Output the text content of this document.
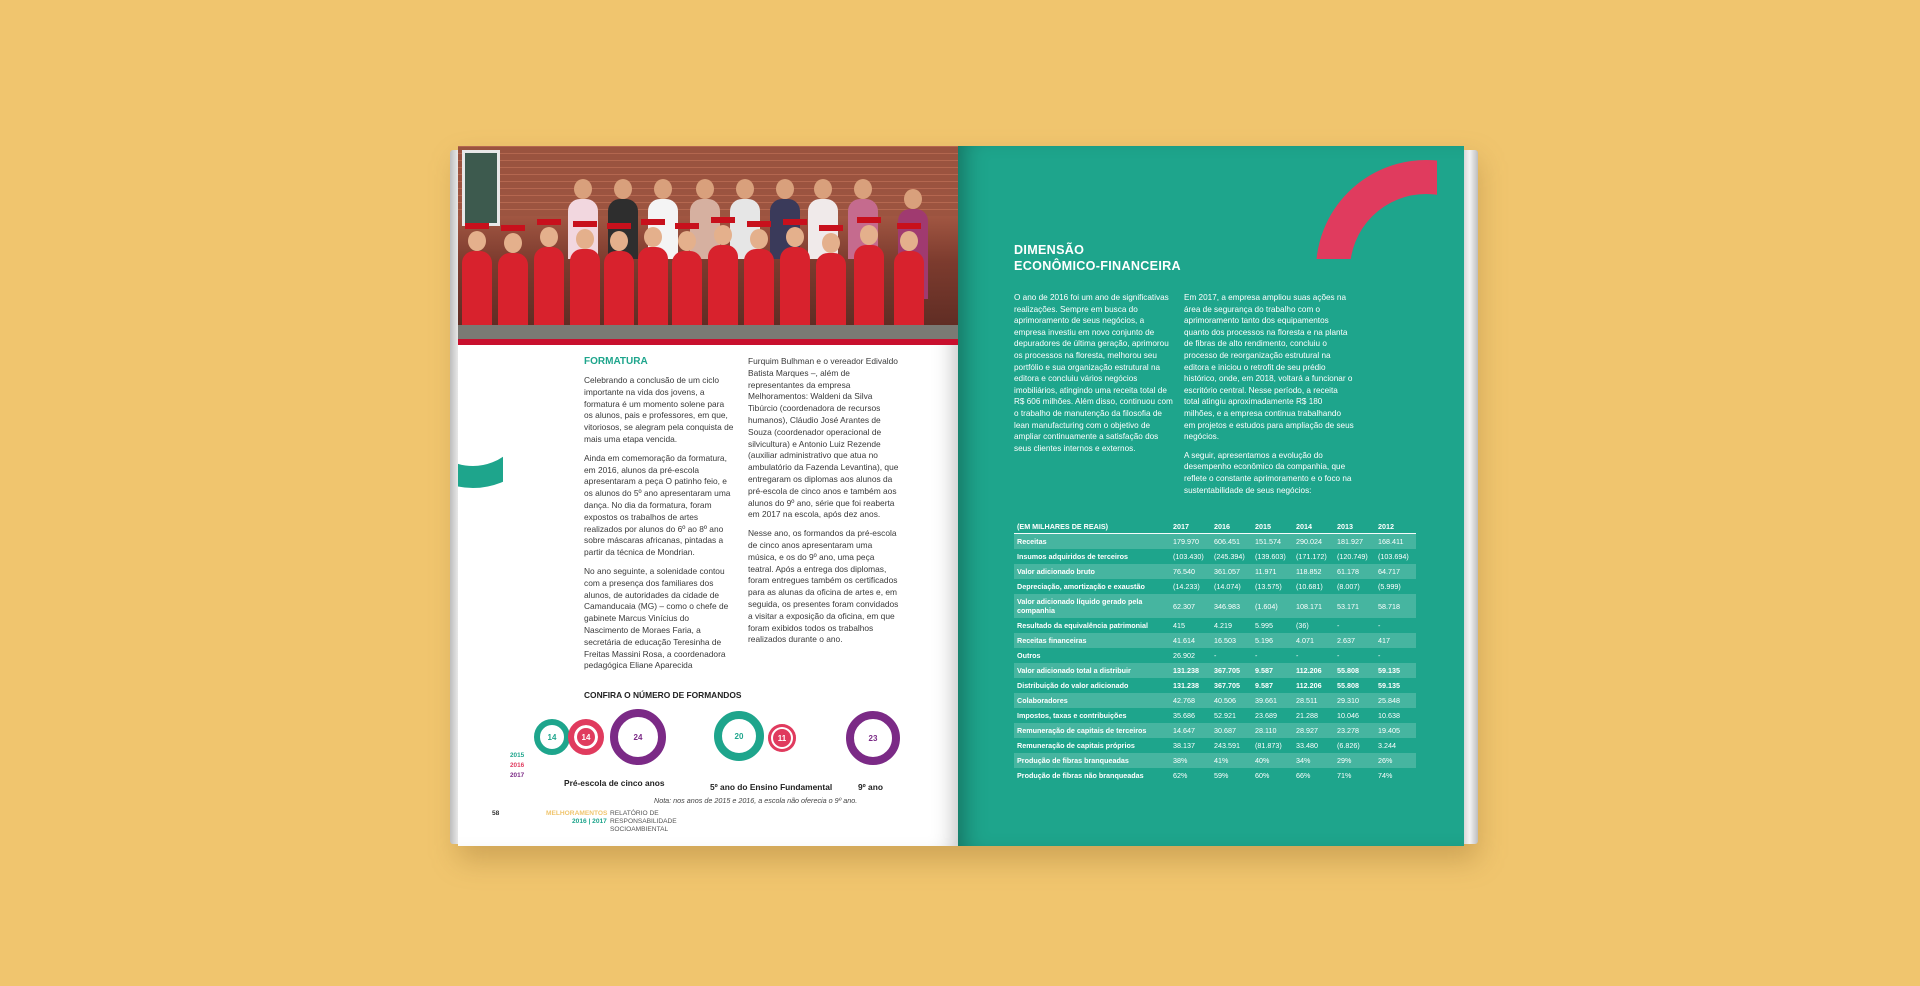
FORMATURA

Celebrando a conclusão de um ciclo importante na vida dos jovens, a formatura é um momento solene para os alunos, pais e professores, em que, vitoriosos, se alegram pela conquista de mais uma etapa vencida.

Ainda em comemoração da formatura, em 2016, alunos da pré-escola apresentaram a peça O patinho feio, e os alunos do 5º ano apresentaram uma dança. No dia da formatura, foram expostos os trabalhos de artes realizados por alunos do 6º ao 8º ano sobre máscaras africanas, pintadas a partir da técnica de Mondrian.

No ano seguinte, a solenidade contou com a presença dos familiares dos alunos, de autoridades da cidade de Camanducaia (MG) – como o chefe de gabinete Marcus Vinícius do Nascimento de Moraes Faria, a secretária de educação Teresinha de Freitas Massini Rosa, a coordenadora pedagógica Eliane Aparecida

Furquim Bulhman e o vereador Edivaldo Batista Marques –, além de representantes da empresa Melhoramentos: Waldeni da Silva Tibúrcio (coordenadora de recursos humanos), Cláudio José Arantes de Souza (coordenador operacional de silvicultura) e Antonio Luiz Rezende (auxiliar administrativo que atua no ambulatório da Fazenda Levantina), que entregaram os diplomas aos alunos da pré-escola de cinco anos e também aos alunos do 9º ano, série que foi reaberta em 2017 na escola, após dez anos.

Nesse ano, os formandos da pré-escola de cinco anos apresentaram uma música, e os do 9º ano, uma peça teatral. Após a entrega dos diplomas, foram entregues também os certificados para as alunas da oficina de artes e, em seguida, os presentes foram convidados a visitar a exposição da oficina, em que foram exibidos todos os trabalhos realizados durante o ano.

CONFIRA O NÚMERO DE FORMANDOS
2015
2016
2017
14	14	24
Pré-escola de cinco anos
20	11
5º ano do Ensino Fundamental
23
9º ano
Nota: nos anos de 2015 e 2016, a escola não oferecia o 9º ano.
58	MELHORAMENTOS
2016 | 2017
RELATÓRIO DE
RESPONSABILIDADE
SOCIOAMBIENTAL
DIMENSÃO
ECONÔMICO-FINANCEIRA

O ano de 2016 foi um ano de significativas realizações. Sempre em busca do aprimoramento de seus negócios, a empresa investiu em novo conjunto de depuradores de última geração, aprimorou os processos na floresta, melhorou seu portfólio e sua organização estrutural na editora e concluiu vários negócios imobiliários, atingindo uma receita total de R$ 606 milhões. Além disso, continuou com o trabalho de manutenção da filosofia de lean manufacturing com o objetivo de ampliar continuamente a satisfação dos seus clientes internos e externos.

Em 2017, a empresa ampliou suas ações na área de segurança do trabalho com o aprimoramento tanto dos equipamentos quanto dos processos na floresta e na planta de fibras de alto rendimento, concluiu o processo de reorganização estrutural na editora e iniciou o retrofit de seu prédio histórico, onde, em 2018, voltará a funcionar o escritório central. Nesse período, a receita total atingiu aproximadamente R$ 180 milhões, e a empresa continua trabalhando em projetos e estudos para ampliação de seus negócios.

A seguir, apresentamos a evolução do desempenho econômico da companhia, que reflete o constante aprimoramento e o foco na sustentabilidade de seus negócios:

(EM MILHARES DE REAIS)	2017	2016	2015	2014	2013	2012
Receitas	179.970	606.451	151.574	290.024	181.927	168.411
Insumos adquiridos de terceiros	(103.430)	(245.394)	(139.603)	(171.172)	(120.749)	(103.694)
Valor adicionado bruto	76.540	361.057	11.971	118.852	61.178	64.717
Depreciação, amortização e exaustão	(14.233)	(14.074)	(13.575)	(10.681)	(8.007)	(5.999)
Valor adicionado líquido gerado pela companhia	62.307	346.983	(1.604)	108.171	53.171	58.718
Resultado da equivalência patrimonial	415	4.219	5.995	(36)	-	-
Receitas financeiras	41.614	16.503	5.196	4.071	2.637	417
Outros	26.902	-	-	-	-	-
Valor adicionado total a distribuir	131.238	367.705	9.587	112.206	55.808	59.135
Distribuição do valor adicionado	131.238	367.705	9.587	112.206	55.808	59.135
Colaboradores	42.768	40.506	39.661	28.511	29.310	25.848
Impostos, taxas e contribuições	35.686	52.921	23.689	21.288	10.046	10.638
Remuneração de capitais de terceiros	14.647	30.687	28.110	28.927	23.278	19.405
Remuneração de capitais próprios	38.137	243.591	(81.873)	33.480	(6.826)	3.244
Produção de fibras branqueadas	38%	41%	40%	34%	29%	26%
Produção de fibras não branqueadas	62%	59%	60%	66%	71%	74%
